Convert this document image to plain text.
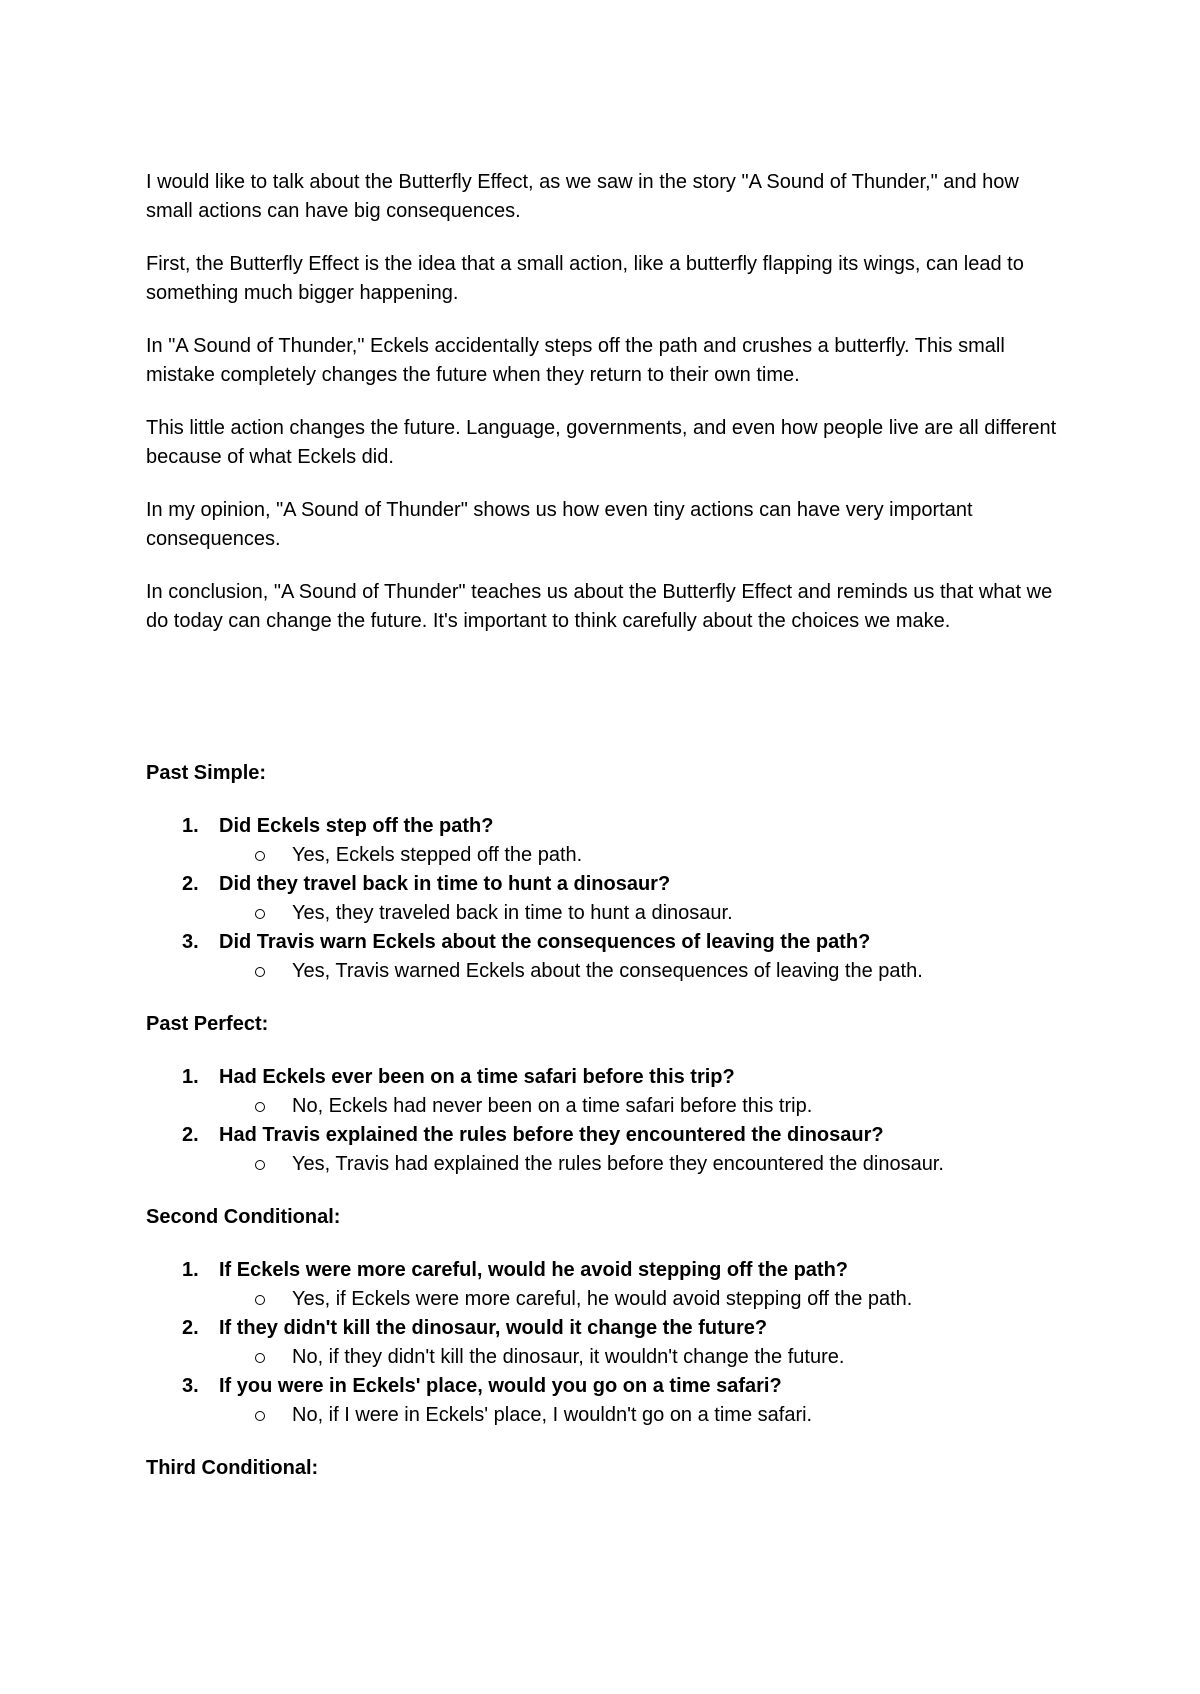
I would like to talk about the Butterfly Effect, as we saw in the story "A Sound of Thunder," and how small actions can have big consequences.

First, the Butterfly Effect is the idea that a small action, like a butterfly flapping its wings, can lead to something much bigger happening.

In "A Sound of Thunder," Eckels accidentally steps off the path and crushes a butterfly. This small mistake completely changes the future when they return to their own time.

This little action changes the future. Language, governments, and even how people live are all different because of what Eckels did.

In my opinion, "A Sound of Thunder" shows us how even tiny actions can have very important consequences.

In conclusion, "A Sound of Thunder" teaches us about the Butterfly Effect and reminds us that what we do today can change the future. It's important to think carefully about the choices we make.

Past Simple:
1. Did Eckels step off the path?
Yes, Eckels stepped off the path.
2. Did they travel back in time to hunt a dinosaur?
Yes, they traveled back in time to hunt a dinosaur.
3. Did Travis warn Eckels about the consequences of leaving the path?
Yes, Travis warned Eckels about the consequences of leaving the path.
Past Perfect:
1. Had Eckels ever been on a time safari before this trip?
No, Eckels had never been on a time safari before this trip.
2. Had Travis explained the rules before they encountered the dinosaur?
Yes, Travis had explained the rules before they encountered the dinosaur.
Second Conditional:
1. If Eckels were more careful, would he avoid stepping off the path?
Yes, if Eckels were more careful, he would avoid stepping off the path.
2. If they didn't kill the dinosaur, would it change the future?
No, if they didn't kill the dinosaur, it wouldn't change the future.
3. If you were in Eckels' place, would you go on a time safari?
No, if I were in Eckels' place, I wouldn't go on a time safari.
Third Conditional:
